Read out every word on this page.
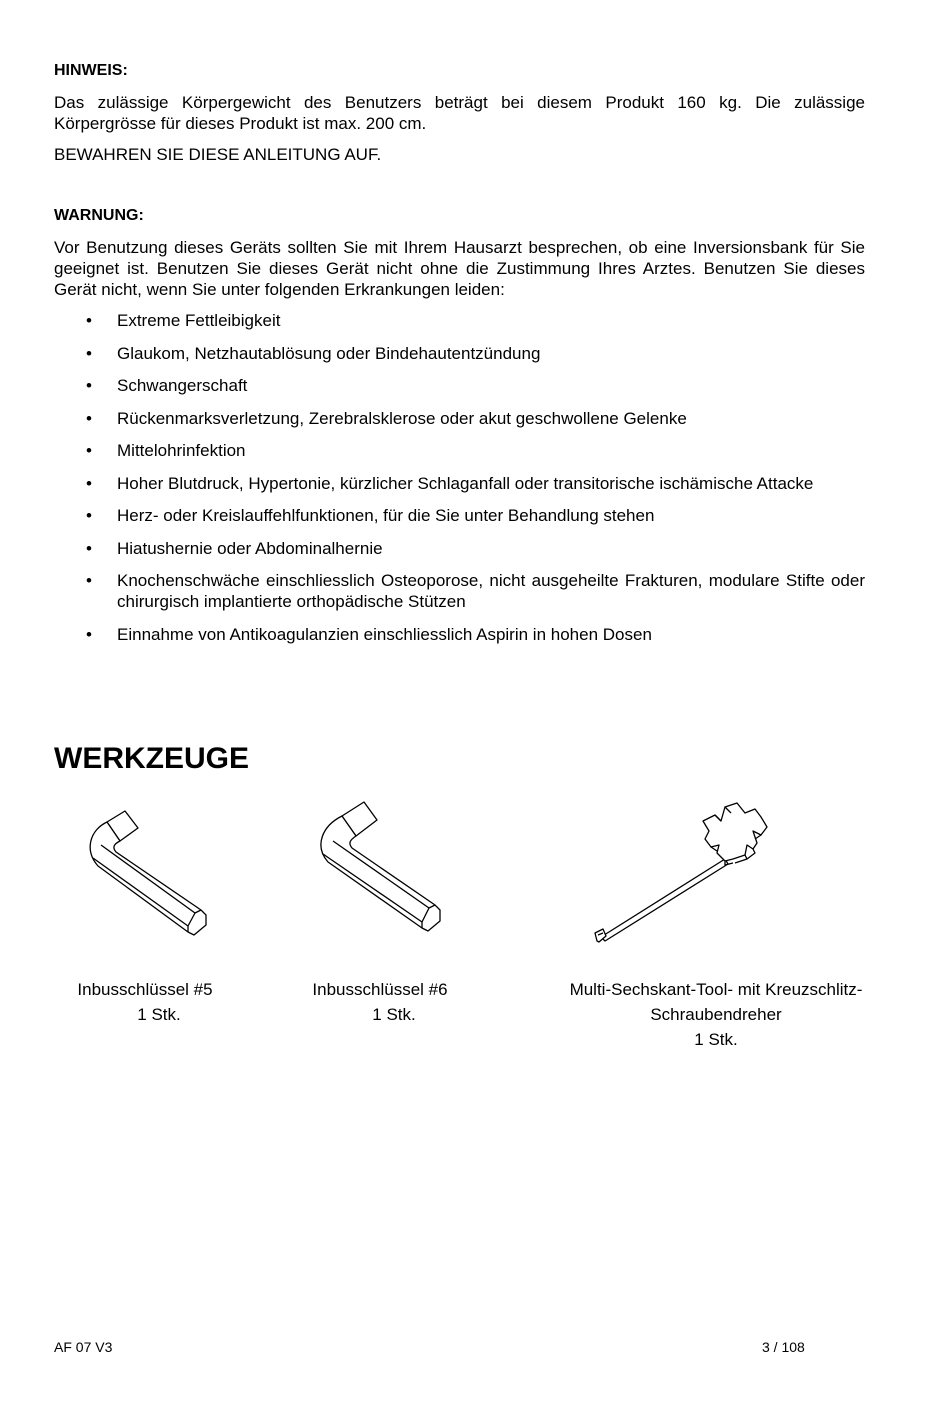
HINWEIS:
Das zulässige Körpergewicht des Benutzers beträgt bei diesem Produkt 160 kg. Die zulässige Körpergrösse für dieses Produkt ist max. 200 cm.
BEWAHREN SIE DIESE ANLEITUNG AUF.
WARNUNG:
Vor Benutzung dieses Geräts sollten Sie mit Ihrem Hausarzt besprechen, ob eine Inversionsbank für Sie geeignet ist. Benutzen Sie dieses Gerät nicht ohne die Zustimmung Ihres Arztes. Benutzen Sie dieses Gerät nicht, wenn Sie unter folgenden Erkrankungen leiden:
• Extreme Fettleibigkeit
• Glaukom, Netzhautablösung oder Bindehautentzündung
• Schwangerschaft
• Rückenmarksverletzung, Zerebralsklerose oder akut geschwollene Gelenke
• Mittelohrinfektion
• Hoher Blutdruck, Hypertonie, kürzlicher Schlaganfall oder transitorische ischämische Attacke
• Herz- oder Kreislauffehlfunktionen, für die Sie unter Behandlung stehen
• Hiatushernie oder Abdominalhernie
• Knochenschwäche einschliesslich Osteoporose, nicht ausgeheilte Frakturen, modulare Stifte oder chirurgisch implantierte orthopädische Stützen
• Einnahme von Antikoagulanzien einschliesslich Aspirin in hohen Dosen
WERKZEUGE
Inbusschlüssel #5
1 Stk.
Inbusschlüssel #6
1 Stk.
Multi-Sechskant-Tool- mit Kreuzschlitz-
Schraubendreher
1 Stk.
AF 07 V3	3 / 108
